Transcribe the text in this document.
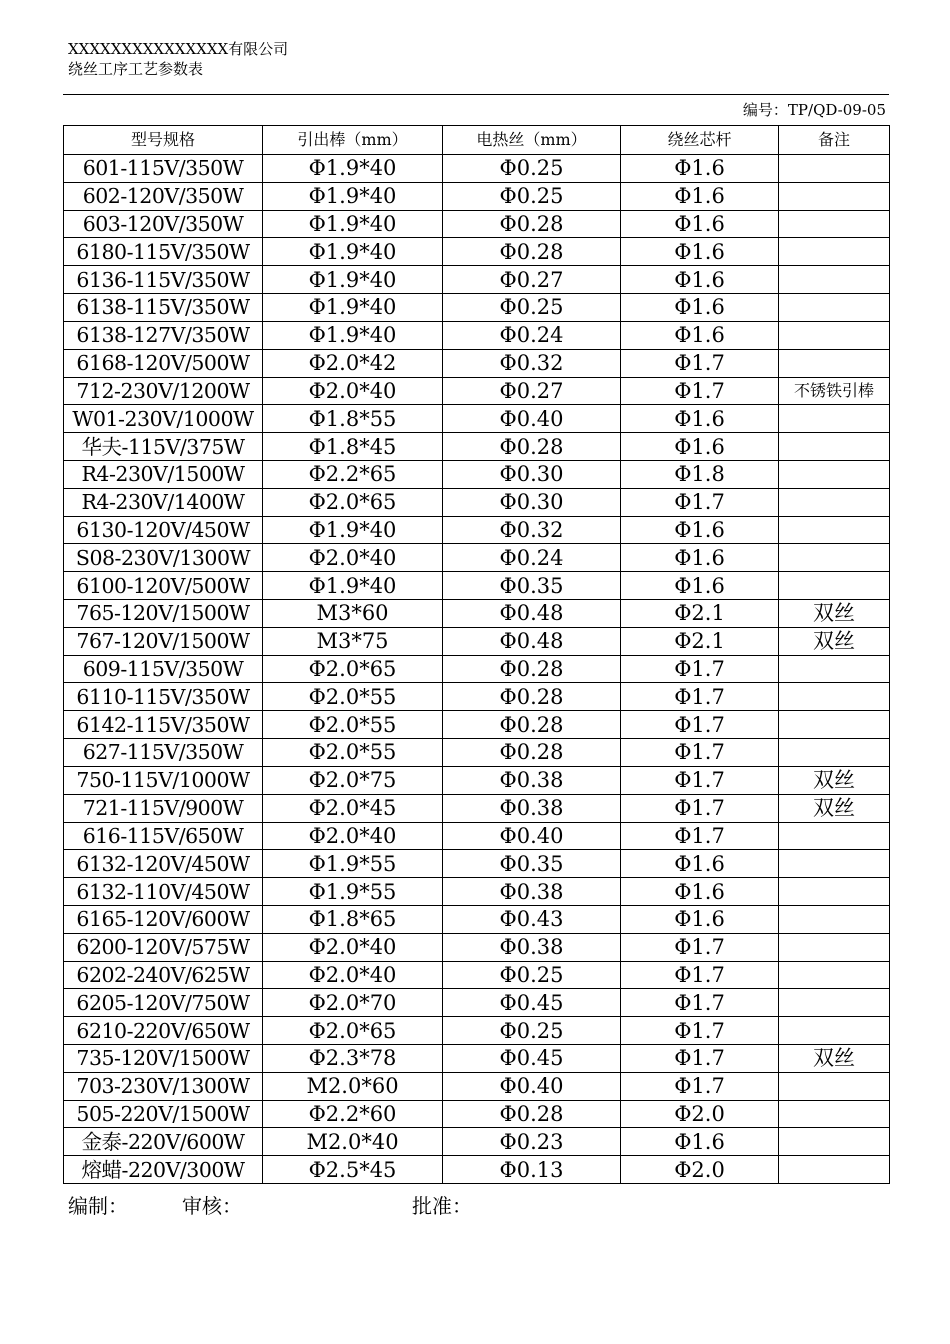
XXXXXXXXXXXXXXX有限公司
绕丝工序工艺参数表
编号：TP/QD-09-05
型号规格	引出棒（mm）	电热丝（mm）	绕丝芯杆	备注
601-115V/350W	Φ1.9*40	Φ0.25	Φ1.6	
602-120V/350W	Φ1.9*40	Φ0.25	Φ1.6	
603-120V/350W	Φ1.9*40	Φ0.28	Φ1.6	
6180-115V/350W	Φ1.9*40	Φ0.28	Φ1.6	
6136-115V/350W	Φ1.9*40	Φ0.27	Φ1.6	
6138-115V/350W	Φ1.9*40	Φ0.25	Φ1.6	
6138-127V/350W	Φ1.9*40	Φ0.24	Φ1.6	
6168-120V/500W	Φ2.0*42	Φ0.32	Φ1.7	
712-230V/1200W	Φ2.0*40	Φ0.27	Φ1.7	不锈铁引棒
W01-230V/1000W	Φ1.8*55	Φ0.40	Φ1.6	
华夫-115V/375W	Φ1.8*45	Φ0.28	Φ1.6	
R4-230V/1500W	Φ2.2*65	Φ0.30	Φ1.8	
R4-230V/1400W	Φ2.0*65	Φ0.30	Φ1.7	
6130-120V/450W	Φ1.9*40	Φ0.32	Φ1.6	
S08-230V/1300W	Φ2.0*40	Φ0.24	Φ1.6	
6100-120V/500W	Φ1.9*40	Φ0.35	Φ1.6	
765-120V/1500W	M3*60	Φ0.48	Φ2.1	双丝
767-120V/1500W	M3*75	Φ0.48	Φ2.1	双丝
609-115V/350W	Φ2.0*65	Φ0.28	Φ1.7	
6110-115V/350W	Φ2.0*55	Φ0.28	Φ1.7	
6142-115V/350W	Φ2.0*55	Φ0.28	Φ1.7	
627-115V/350W	Φ2.0*55	Φ0.28	Φ1.7	
750-115V/1000W	Φ2.0*75	Φ0.38	Φ1.7	双丝
721-115V/900W	Φ2.0*45	Φ0.38	Φ1.7	双丝
616-115V/650W	Φ2.0*40	Φ0.40	Φ1.7	
6132-120V/450W	Φ1.9*55	Φ0.35	Φ1.6	
6132-110V/450W	Φ1.9*55	Φ0.38	Φ1.6	
6165-120V/600W	Φ1.8*65	Φ0.43	Φ1.6	
6200-120V/575W	Φ2.0*40	Φ0.38	Φ1.7	
6202-240V/625W	Φ2.0*40	Φ0.25	Φ1.7	
6205-120V/750W	Φ2.0*70	Φ0.45	Φ1.7	
6210-220V/650W	Φ2.0*65	Φ0.25	Φ1.7	
735-120V/1500W	Φ2.3*78	Φ0.45	Φ1.7	双丝
703-230V/1300W	M2.0*60	Φ0.40	Φ1.7	
505-220V/1500W	Φ2.2*60	Φ0.28	Φ2.0	
金泰-220V/600W	M2.0*40	Φ0.23	Φ1.6	
熔蜡-220V/300W	Φ2.5*45	Φ0.13	Φ2.0	
编制：	审核：	批准：
